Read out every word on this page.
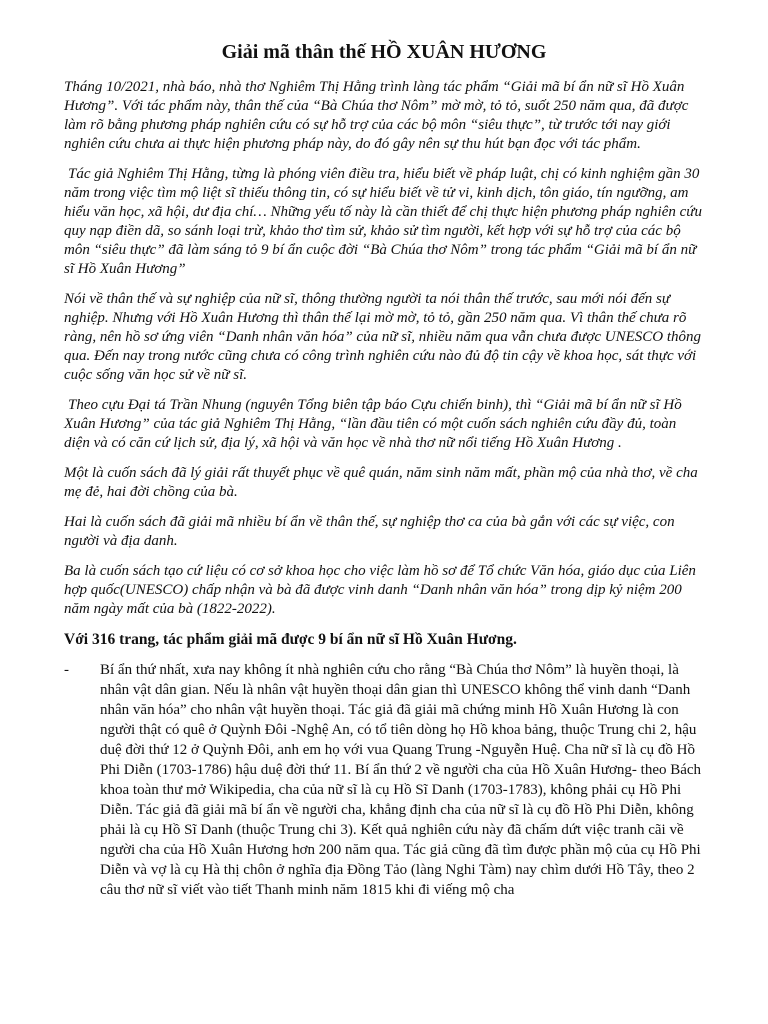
Giải mã thân thế HỒ XUÂN HƯƠNG

Tháng 10/2021, nhà báo, nhà thơ Nghiêm Thị Hằng trình làng tác phẩm “Giải mã bí ẩn nữ sĩ Hồ Xuân Hương”. Với tác phẩm này, thân thế của “Bà Chúa thơ Nôm” mờ mờ, tỏ tỏ, suốt 250 năm qua, đã được làm rõ bằng phương pháp nghiên cứu có sự hỗ trợ của các bộ môn “siêu thực”, từ trước tới nay giới nghiên cứu chưa ai thực hiện phương pháp này, do đó gây nên sự thu hút bạn đọc với tác phẩm.

Tác giả Nghiêm Thị Hằng, từng là phóng viên điều tra, hiểu biết về pháp luật, chị có kinh nghiệm gần 30 năm trong việc tìm mộ liệt sĩ thiếu thông tin, có sự hiểu biết về tử vi, kinh dịch, tôn giáo, tín ngưỡng, am hiểu văn học, xã hội, dư địa chí… Những yếu tố này là cần thiết để chị thực hiện phương pháp nghiên cứu quy nạp điền dã, so sánh loại trừ, khảo thơ tìm sử, khảo sử tìm người, kết hợp với sự hỗ trợ của các bộ môn “siêu thực” đã làm sáng tỏ 9 bí ẩn cuộc đời “Bà Chúa thơ Nôm” trong tác phẩm “Giải mã bí ẩn nữ sĩ Hồ Xuân Hương”

Nói về thân thế và sự nghiệp của nữ sĩ, thông thường người ta nói thân thế trước, sau mới nói đến sự nghiệp. Nhưng với Hồ Xuân Hương thì thân thế lại mờ mờ, tỏ tỏ, gần 250 năm qua. Vì thân thế chưa rõ ràng, nên hồ sơ ứng viên “Danh nhân văn hóa” của nữ sĩ, nhiều năm qua vẫn chưa được UNESCO thông qua. Đến nay trong nước cũng chưa có công trình nghiên cứu nào đủ độ tin cậy về khoa học, sát thực với cuộc sống văn học sử về nữ sĩ.

Theo cựu Đại tá Trần Nhung (nguyên Tổng biên tập báo Cựu chiến binh), thì “Giải mã bí ẩn nữ sĩ Hồ Xuân Hương” của tác giả Nghiêm Thị Hằng, “lần đầu tiên có một cuốn sách nghiên cứu đầy đủ, toàn diện và có căn cứ lịch sử, địa lý, xã hội và văn học về nhà thơ nữ nổi tiếng Hồ Xuân Hương .

Một là cuốn sách đã lý giải rất thuyết phục về quê quán, năm sinh năm mất, phần mộ của nhà thơ, về cha mẹ đẻ, hai đời chồng của bà.

Hai là cuốn sách đã giải mã nhiều bí ẩn về thân thế, sự nghiệp thơ ca của bà gắn với các sự việc, con người và địa danh.

Ba là cuốn sách tạo cứ liệu có cơ sở khoa học cho việc làm hồ sơ để Tổ chức Văn hóa, giáo dục của Liên hợp quốc(UNESCO) chấp nhận và bà đã được vinh danh “Danh nhân văn hóa” trong dịp kỷ niệm 200 năm ngày mất của bà (1822-2022).

Với 316 trang, tác phẩm giải mã được 9 bí ẩn nữ sĩ Hồ Xuân Hương.
- Bí ẩn thứ nhất, xưa nay không ít nhà nghiên cứu cho rằng “Bà Chúa thơ Nôm” là huyền thoại, là nhân vật dân gian. Nếu là nhân vật huyền thoại dân gian thì UNESCO không thể vinh danh “Danh nhân văn hóa” cho nhân vật huyền thoại. Tác giả đã giải mã chứng minh Hồ Xuân Hương là con người thật có quê ở Quỳnh Đôi -Nghệ An, có tổ tiên dòng họ Hồ khoa bảng, thuộc Trung chi 2, hậu duệ đời thứ 12 ở Quỳnh Đôi, anh em họ với vua Quang Trung -Nguyễn Huệ. Cha nữ sĩ là cụ đồ Hồ Phi Diễn (1703-1786) hậu duệ đời thứ 11. Bí ẩn thứ 2 về người cha của Hồ Xuân Hương- theo Bách khoa toàn thư mở Wikipedia, cha của nữ sĩ là cụ Hồ Sĩ Danh (1703-1783), không phải cụ Hồ Phi Diễn. Tác giả đã giải mã bí ẩn về người cha, khẳng định cha của nữ sĩ là cụ đồ Hồ Phi Diễn, không phải là cụ Hồ Sĩ Danh (thuộc Trung chi 3). Kết quả nghiên cứu này đã chấm dứt việc tranh cãi về người cha của Hồ Xuân Hương hơn 200 năm qua. Tác giả cũng đã tìm được phần mộ của cụ Hồ Phi Diễn và vợ là cụ Hà thị chôn ở nghĩa địa Đồng Tảo (làng Nghi Tàm) nay chìm dưới Hồ Tây, theo 2 câu thơ nữ sĩ viết vào tiết Thanh minh năm 1815 khi đi viếng mộ cha
